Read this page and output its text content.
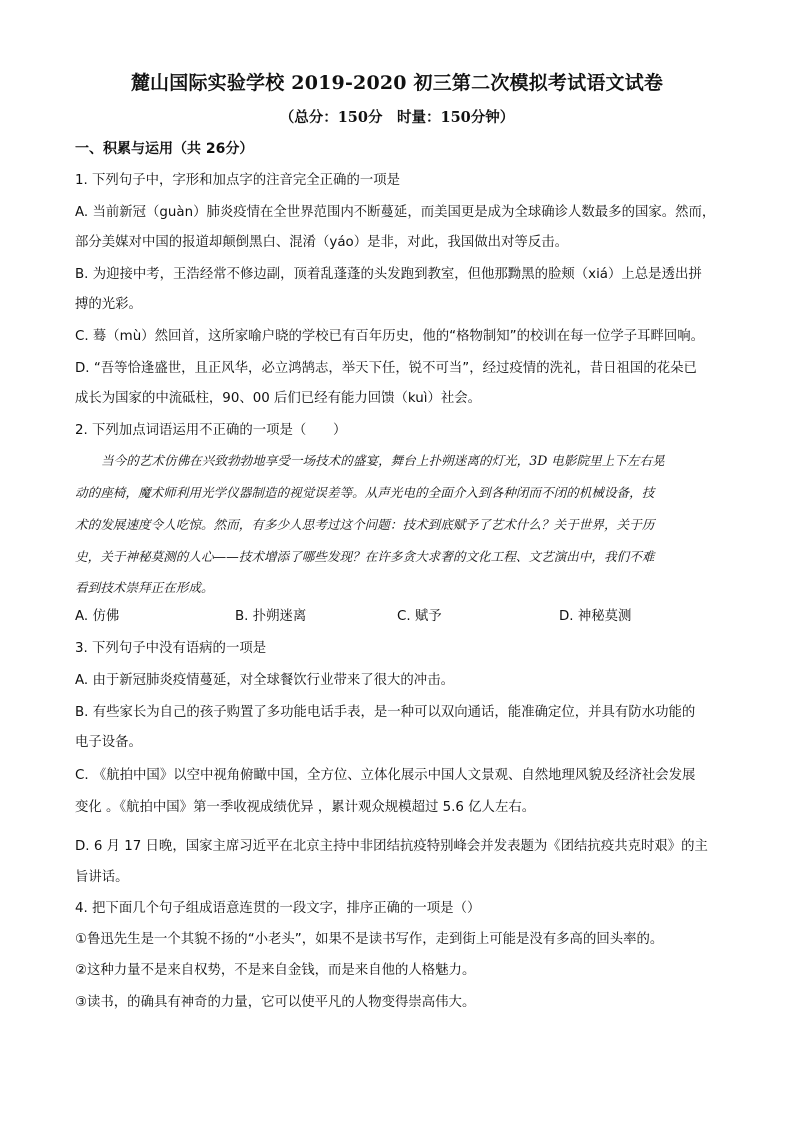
麓山国际实验学校 2019-2020 初三第二次模拟考试语文试卷
（总分：150分　时量：150分钟）
一、积累与运用（共 26分）
1. 下列句子中，字形和加点字的注音完全正确的一项是
A. 当前新冠（guàn）肺炎疫情在全世界范围内不断蔓延，而美国更是成为全球确诊人数最多的国家。然而，
部分美媒对中国的报道却颠倒黑白、混淆（yáo）是非，对此，我国做出对等反击。
B. 为迎接中考，王浩经常不修边副，顶着乱蓬蓬的头发跑到教室，但他那黝黑的脸颊（xiá）上总是透出拼
搏的光彩。
C. 蓦（mù）然回首，这所家喻户晓的学校已有百年历史，他的“格物制知”的校训在每一位学子耳畔回响。
D. “吾等恰逢盛世，且正风华，必立鸿鹄志，举天下任，锐不可当”，经过疫情的洗礼，昔日祖国的花朵已
成长为国家的中流砥柱，90、00 后们已经有能力回馈（kuì）社会。
2. 下列加点词语运用不正确的一项是（　　）
当今的艺术仿佛在兴致勃勃地享受一场技术的盛宴，舞台上扑朔迷离的灯光，3D 电影院里上下左右晃
动的座椅，魔术师利用光学仪器制造的视觉误差等。从声光电的全面介入到各种闭而不闭的机械设备，技
术的发展速度令人吃惊。然而，有多少人思考过这个问题：技术到底赋予了艺术什么？关于世界，关于历
史，关于神秘莫测的人心——技术增添了哪些发现？在许多贪大求奢的文化工程、文艺演出中，我们不难
看到技术崇拜正在形成。
A. 仿佛	B. 扑朔迷离	C. 赋予	D. 神秘莫测
3. 下列句子中没有语病的一项是
A. 由于新冠肺炎疫情蔓延，对全球餐饮行业带来了很大的冲击。
B. 有些家长为自己的孩子购置了多功能电话手表，是一种可以双向通话，能准确定位，并具有防水功能的
电子设备。
C. 《航拍中国》以空中视角俯瞰中国，全方位、立体化展示中国人文景观、自然地理风貌及经济社会发展
变化 。《航拍中国》第一季收视成绩优异 ，累计观众规模超过 5.6 亿人左右。
D. 6 月 17 日晚，国家主席习近平在北京主持中非团结抗疫特别峰会并发表题为《团结抗疫共克时艰》的主
旨讲话。
4. 把下面几个句子组成语意连贯的一段文字，排序正确的一项是（）
①鲁迅先生是一个其貌不扬的“小老头”，如果不是读书写作，走到街上可能是没有多高的回头率的。
②这种力量不是来自权势，不是来自金钱，而是来自他的人格魅力。
③读书，的确具有神奇的力量，它可以使平凡的人物变得崇高伟大。
